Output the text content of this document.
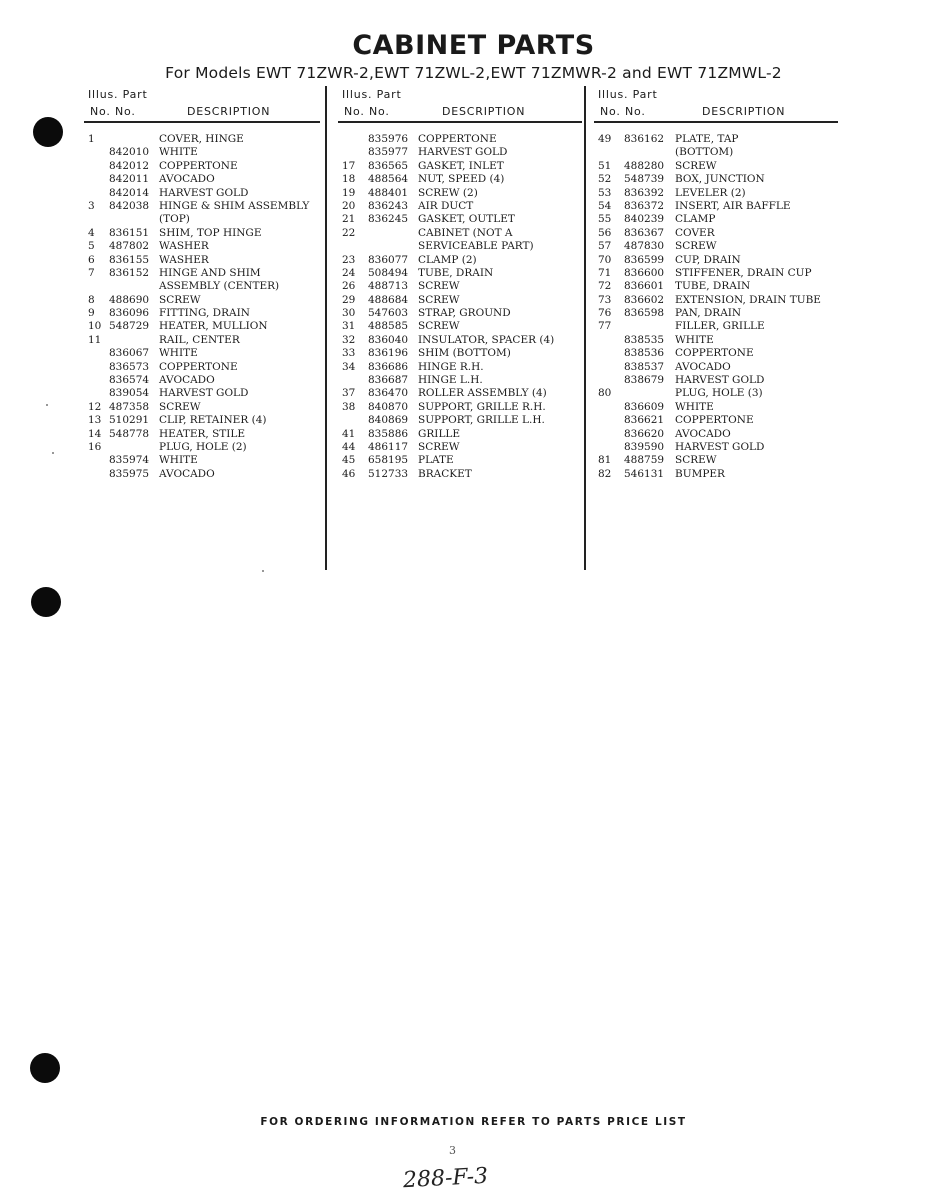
CABINET PARTS
For Models EWT 71ZWR-2,EWT 71ZWL-2,EWT 71ZMWR-2 and EWT 71ZMWL-2
Illus. Part
No. No.	DESCRIPTION
1	COVER, HINGE
842010 WHITE
842012 COPPERTONE
842011 AVOCADO
842014 HARVEST GOLD
3	842038 HINGE & SHIM ASSEMBLY
(TOP)
4	836151 SHIM, TOP HINGE
5	487802 WASHER
6	836155 WASHER
7	836152 HINGE AND SHIM
ASSEMBLY (CENTER)
8	488690 SCREW
9	836096 FITTING, DRAIN
10 548729 HEATER, MULLION
11	RAIL, CENTER
836067 WHITE
836573 COPPERTONE
836574 AVOCADO
839054 HARVEST GOLD
12 487358 SCREW
13 510291 CLIP, RETAINER (4)
14 548778 HEATER, STILE
16	PLUG, HOLE (2)
835974 WHITE
835975 AVOCADO
Illus. Part
No. No.	DESCRIPTION
835976 COPPERTONE
835977 HARVEST GOLD
17	836565 GASKET, INLET
18	488564 NUT, SPEED (4)
19	488401 SCREW (2)
20	836243 AIR DUCT
21	836245 GASKET, OUTLET
22	CABINET (NOT A
SERVICEABLE PART)
23	836077 CLAMP (2)
24	508494 TUBE, DRAIN
26	488713 SCREW
29	488684 SCREW
30	547603 STRAP, GROUND
31	488585 SCREW
32	836040 INSULATOR, SPACER (4)
33	836196 SHIM (BOTTOM)
34	836686 HINGE R.H.
836687 HINGE L.H.
37	836470 ROLLER ASSEMBLY (4)
38	840870 SUPPORT, GRILLE R.H.
840869 SUPPORT, GRILLE L.H.
41	835886 GRILLE
44	486117 SCREW
45	658195 PLATE
46	512733 BRACKET
Illus. Part
No. No.	DESCRIPTION
49	836162 PLATE, TAP
(BOTTOM)
51	488280 SCREW
52	548739 BOX, JUNCTION
53	836392 LEVELER (2)
54	836372 INSERT, AIR BAFFLE
55	840239 CLAMP
56	836367 COVER
57	487830 SCREW
70	836599 CUP, DRAIN
71	836600 STIFFENER, DRAIN CUP
72	836601 TUBE, DRAIN
73	836602 EXTENSION, DRAIN TUBE
76	836598 PAN, DRAIN
77	FILLER, GRILLE
838535 WHITE
838536 COPPERTONE
838537 AVOCADO
838679 HARVEST GOLD
80	PLUG, HOLE (3)
836609 WHITE
836621 COPPERTONE
836620 AVOCADO
839590 HARVEST GOLD
81	488759 SCREW
82	546131 BUMPER
FOR ORDERING INFORMATION REFER TO PARTS PRICE LIST
3
288-F-3
